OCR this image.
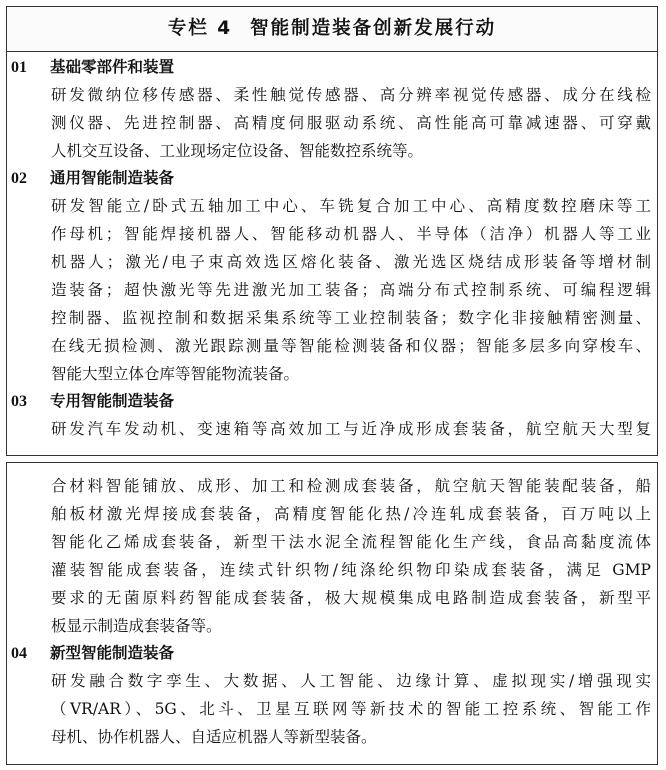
专栏 4 智能制造装备创新发展行动
01 基础零部件和装置
研发微纳位移传感器、柔性触觉传感器、高分辨率视觉传感器、成分在线检
测仪器、先进控制器、高精度伺服驱动系统、高性能高可靠减速器、可穿戴
人机交互设备、工业现场定位设备、智能数控系统等。
02 通用智能制造装备
研发智能立/卧式五轴加工中心、车铣复合加工中心、高精度数控磨床等工
作母机；智能焊接机器人、智能移动机器人、半导体（洁净）机器人等工业
机器人；激光/电子束高效选区熔化装备、激光选区烧结成形装备等增材制
造装备；超快激光等先进激光加工装备；高端分布式控制系统、可编程逻辑
控制器、监视控制和数据采集系统等工业控制装备；数字化非接触精密测量、
在线无损检测、激光跟踪测量等智能检测装备和仪器；智能多层多向穿梭车、
智能大型立体仓库等智能物流装备。
03 专用智能制造装备
研发汽车发动机、变速箱等高效加工与近净成形成套装备，航空航天大型复
合材料智能铺放、成形、加工和检测成套装备，航空航天智能装配装备，船
舶板材激光焊接成套装备，高精度智能化热/冷连轧成套装备，百万吨以上
智能化乙烯成套装备，新型干法水泥全流程智能化生产线，食品高黏度流体
灌装智能成套装备，连续式针织物/纯涤纶织物印染成套装备，满足 GMP
要求的无菌原料药智能成套装备，极大规模集成电路制造成套装备，新型平
板显示制造成套装备等。
04 新型智能制造装备
研发融合数字孪生、大数据、人工智能、边缘计算、虚拟现实/增强现实
（VR/AR）、5G、北斗、卫星互联网等新技术的智能工控系统、智能工作
母机、协作机器人、自适应机器人等新型装备。
